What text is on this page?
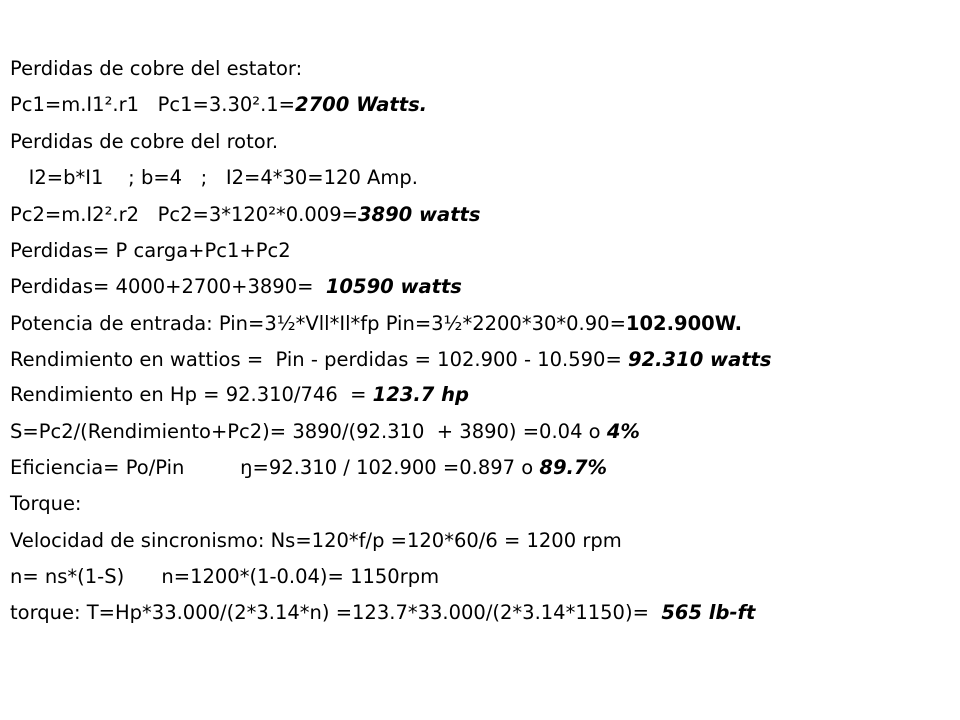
Perdidas de cobre del estator:
Pc1=m.I1².r1   Pc1=3.30².1=2700 Watts.
Perdidas de cobre del rotor.
I2=b*I1    ; b=4   ;   I2=4*30=120 Amp.
Pc2=m.I2².r2   Pc2=3*120²*0.009=3890 watts
Perdidas= P carga+Pc1+Pc2
Perdidas= 4000+2700+3890=  10590 watts
Potencia de entrada: Pin=3½*Vll*Il*fp Pin=3½*2200*30*0.90=102.900W.
Rendimiento en wattios =  Pin - perdidas = 102.900 - 10.590= 92.310 watts
Rendimiento en Hp = 92.310/746  = 123.7 hp
S=Pc2/(Rendimiento+Pc2)= 3890/(92.310  + 3890) =0.04 o 4%
Eficiencia= Po/Pin         ŋ=92.310 / 102.900 =0.897 o 89.7%
Torque:
Velocidad de sincronismo: Ns=120*f/p =120*60/6 = 1200 rpm
n= ns*(1-S)      n=1200*(1-0.04)= 1150rpm
torque: T=Hp*33.000/(2*3.14*n) =123.7*33.000/(2*3.14*1150)=  565 lb-ft
